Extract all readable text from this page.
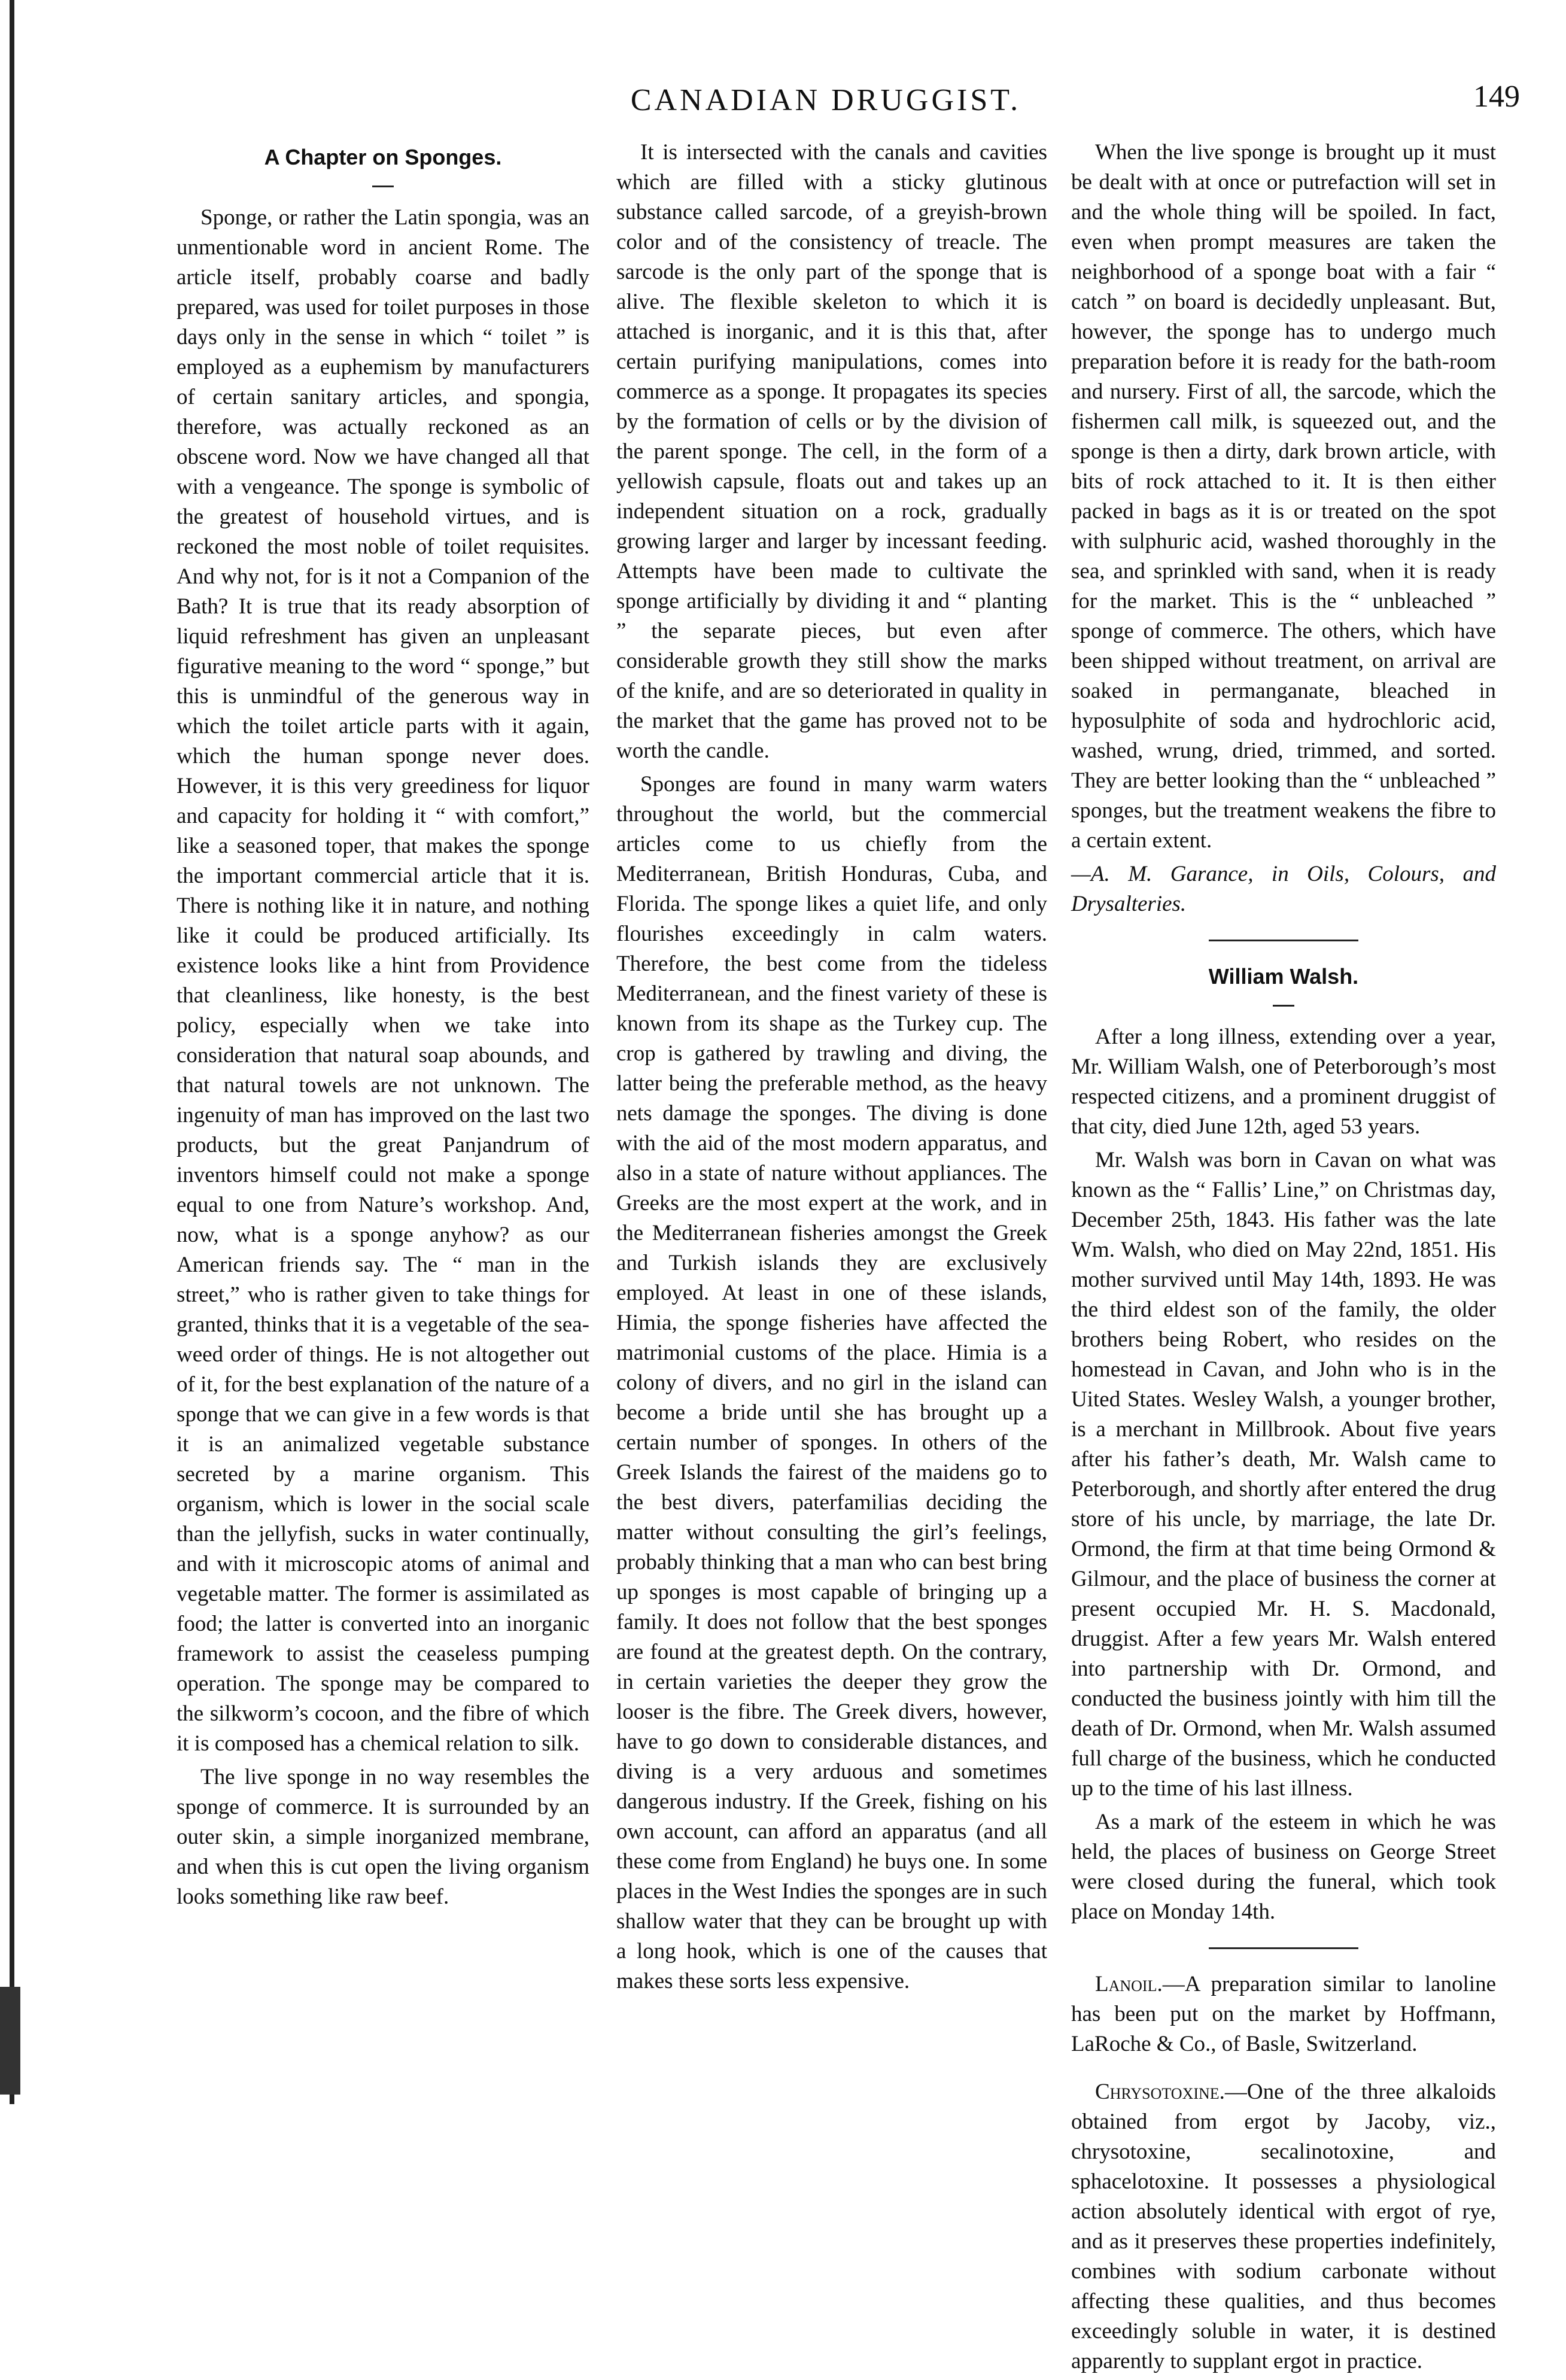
CANADIAN DRUGGIST.	149
A Chapter on Sponges.

Sponge, or rather the Latin spongia, was an unmentionable word in ancient Rome. The article itself, probably coarse and badly prepared, was used for toilet purposes in those days only in the sense in which “ toilet ” is employed as a euphemism by manufacturers of certain sanitary articles, and spongia, therefore, was actually reckoned as an obscene word. Now we have changed all that with a vengeance. The sponge is symbolic of the greatest of household virtues, and is reckoned the most noble of toilet requisites. And why not, for is it not a Companion of the Bath? It is true that its ready absorption of liquid refreshment has given an unpleasant figurative meaning to the word “ sponge,” but this is unmindful of the generous way in which the toilet article parts with it again, which the human sponge never does. However, it is this very greediness for liquor and capacity for holding it “ with comfort,” like a seasoned toper, that makes the sponge the important commercial article that it is. There is nothing like it in nature, and nothing like it could be produced artificially. Its existence looks like a hint from Providence that cleanliness, like honesty, is the best policy, especially when we take into consideration that natural soap abounds, and that natural towels are not unknown. The ingenuity of man has improved on the last two products, but the great Panjandrum of inventors himself could not make a sponge equal to one from Nature’s workshop. And, now, what is a sponge anyhow? as our American friends say. The “ man in the street,” who is rather given to take things for granted, thinks that it is a vegetable of the sea-weed order of things. He is not altogether out of it, for the best explanation of the nature of a sponge that we can give in a few words is that it is an animalized vegetable substance secreted by a marine organism. This organism, which is lower in the social scale than the jellyfish, sucks in water continually, and with it microscopic atoms of animal and vegetable matter. The former is assimilated as food; the latter is converted into an inorganic framework to assist the ceaseless pumping operation. The sponge may be compared to the silkworm’s cocoon, and the fibre of which it is composed has a chemical relation to silk.

The live sponge in no way resembles the sponge of commerce. It is surrounded by an outer skin, a simple inorganized membrane, and when this is cut open the living organism looks something like raw beef.

It is intersected with the canals and cavities which are filled with a sticky glutinous substance called sarcode, of a greyish-brown color and of the consistency of treacle. The sarcode is the only part of the sponge that is alive. The flexible skeleton to which it is attached is inorganic, and it is this that, after certain purifying manipulations, comes into commerce as a sponge. It propagates its species by the formation of cells or by the division of the parent sponge. The cell, in the form of a yellowish capsule, floats out and takes up an independent situation on a rock, gradually growing larger and larger by incessant feeding. Attempts have been made to cultivate the sponge artificially by dividing it and “ planting ” the separate pieces, but even after considerable growth they still show the marks of the knife, and are so deteriorated in quality in the market that the game has proved not to be worth the candle.

Sponges are found in many warm waters throughout the world, but the commercial articles come to us chiefly from the Mediterranean, British Honduras, Cuba, and Florida. The sponge likes a quiet life, and only flourishes exceedingly in calm waters. Therefore, the best come from the tideless Mediterranean, and the finest variety of these is known from its shape as the Turkey cup. The crop is gathered by trawling and diving, the latter being the preferable method, as the heavy nets damage the sponges. The diving is done with the aid of the most modern apparatus, and also in a state of nature without appliances. The Greeks are the most expert at the work, and in the Mediterranean fisheries amongst the Greek and Turkish islands they are exclusively employed. At least in one of these islands, Himia, the sponge fisheries have affected the matrimonial customs of the place. Himia is a colony of divers, and no girl in the island can become a bride until she has brought up a certain number of sponges. In others of the Greek Islands the fairest of the maidens go to the best divers, paterfamilias deciding the matter without consulting the girl’s feelings, probably thinking that a man who can best bring up sponges is most capable of bringing up a family. It does not follow that the best sponges are found at the greatest depth. On the contrary, in certain varieties the deeper they grow the looser is the fibre. The Greek divers, however, have to go down to considerable distances, and diving is a very arduous and sometimes dangerous industry. If the Greek, fishing on his own account, can afford an apparatus (and all these come from England) he buys one. In some places in the West Indies the sponges are in such shallow water that they can be brought up with a long hook, which is one of the causes that makes these sorts less expensive.

When the live sponge is brought up it must be dealt with at once or putrefaction will set in and the whole thing will be spoiled. In fact, even when prompt measures are taken the neighborhood of a sponge boat with a fair “ catch ” on board is decidedly unpleasant. But, however, the sponge has to undergo much preparation before it is ready for the bath-room and nursery. First of all, the sarcode, which the fishermen call milk, is squeezed out, and the sponge is then a dirty, dark brown article, with bits of rock attached to it. It is then either packed in bags as it is or treated on the spot with sulphuric acid, washed thoroughly in the sea, and sprinkled with sand, when it is ready for the market. This is the “ unbleached ” sponge of commerce. The others, which have been shipped without treatment, on arrival are soaked in permanganate, bleached in hyposulphite of soda and hydrochloric acid, washed, wrung, dried, trimmed, and sorted. They are better looking than the “ unbleached ” sponges, but the treatment weakens the fibre to a certain extent.

—A. M. Garance, in Oils, Colours, and Drysalteries.

William Walsh.

After a long illness, extending over a year, Mr. William Walsh, one of Peterborough’s most respected citizens, and a prominent druggist of that city, died June 12th, aged 53 years.

Mr. Walsh was born in Cavan on what was known as the “ Fallis’ Line,” on Christmas day, December 25th, 1843. His father was the late Wm. Walsh, who died on May 22nd, 1851. His mother survived until May 14th, 1893. He was the third eldest son of the family, the older brothers being Robert, who resides on the homestead in Cavan, and John who is in the Uited States. Wesley Walsh, a younger brother, is a merchant in Millbrook. About five years after his father’s death, Mr. Walsh came to Peterborough, and shortly after entered the drug store of his uncle, by marriage, the late Dr. Ormond, the firm at that time being Ormond & Gilmour, and the place of business the corner at present occupied Mr. H. S. Macdonald, druggist. After a few years Mr. Walsh entered into partnership with Dr. Ormond, and conducted the business jointly with him till the death of Dr. Ormond, when Mr. Walsh assumed full charge of the business, which he conducted up to the time of his last illness.

As a mark of the esteem in which he was held, the places of business on George Street were closed during the funeral, which took place on Monday 14th.

Lanoil.—A preparation similar to lanoline has been put on the market by Hoffmann, LaRoche & Co., of Basle, Switzerland.

Chrysotoxine.—One of the three alkaloids obtained from ergot by Jacoby, viz., chrysotoxine, secalinotoxine, and sphacelotoxine. It possesses a physiological action absolutely identical with ergot of rye, and as it preserves these properties indefinitely, combines with sodium carbonate without affecting these qualities, and thus becomes exceedingly soluble in water, it is destined apparently to supplant ergot in practice.
